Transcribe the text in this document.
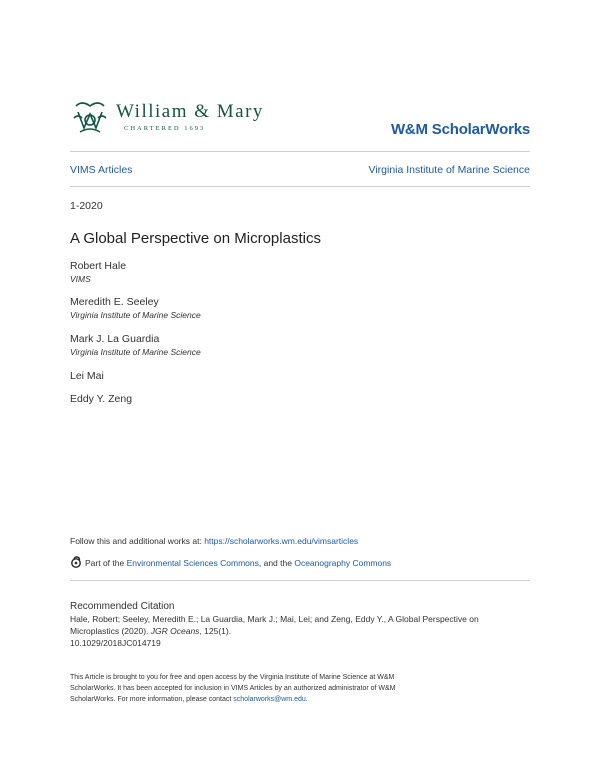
William & Mary
CHARTERED 1693	W&M ScholarWorks
VIMS Articles	Virginia Institute of Marine Science
1-2020
A Global Perspective on Microplastics
Robert Hale
VIMS
Meredith E. Seeley
Virginia Institute of Marine Science
Mark J. La Guardia
Virginia Institute of Marine Science
Lei Mai
Eddy Y. Zeng
Follow this and additional works at: https://scholarworks.wm.edu/vimsarticles
Part of the Environmental Sciences Commons, and the Oceanography Commons
Recommended Citation
Hale, Robert; Seeley, Meredith E.; La Guardia, Mark J.; Mai, Lei; and Zeng, Eddy Y., A Global Perspective on
Microplastics (2020). JGR Oceans, 125(1).
10.1029/2018JC014719
This Article is brought to you for free and open access by the Virginia Institute of Marine Science at W&M
ScholarWorks. It has been accepted for inclusion in VIMS Articles by an authorized administrator of W&M
ScholarWorks. For more information, please contact scholarworks@wm.edu.
